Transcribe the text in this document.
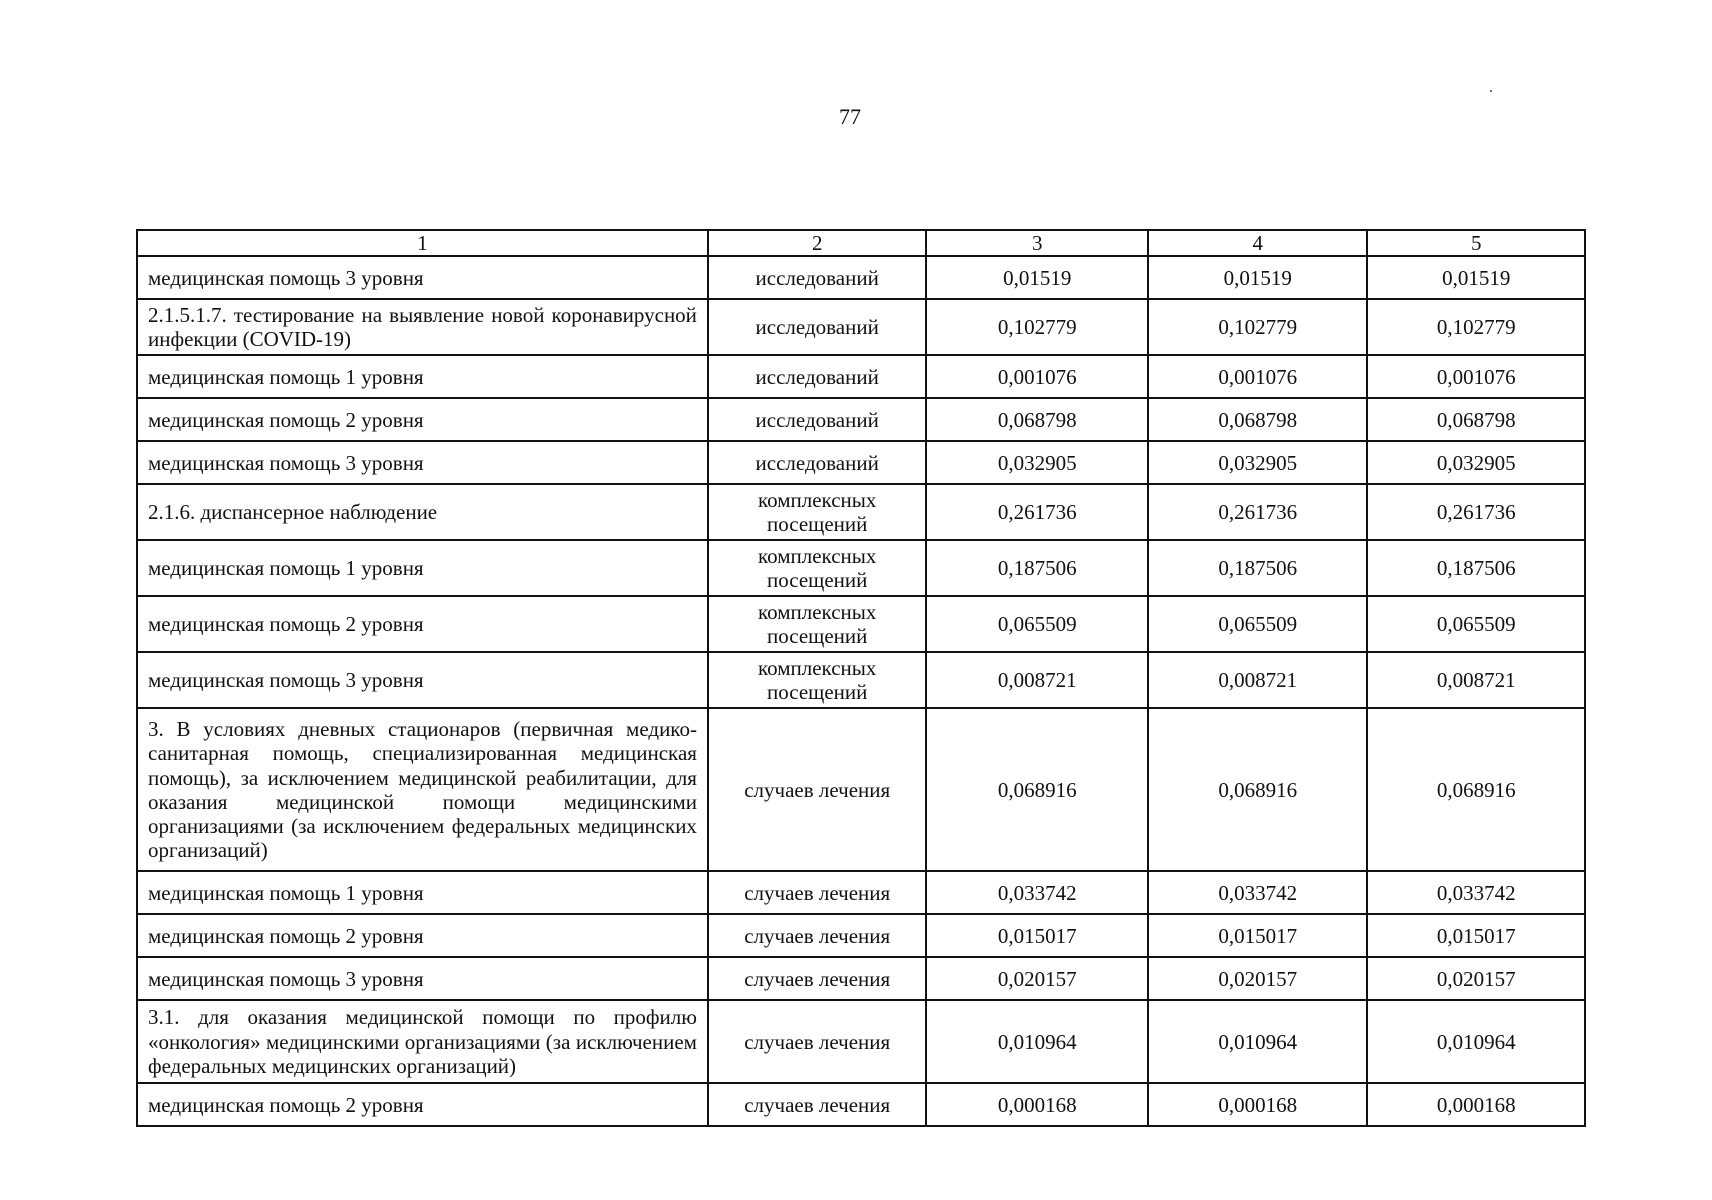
77
1	2	3	4	5
медицинская помощь 3 уровня	исследований	0,01519	0,01519	0,01519
2.1.5.1.7. тестирование на выявление новой коронавирусной инфекции (COVID-19)	исследований	0,102779	0,102779	0,102779
медицинская помощь 1 уровня	исследований	0,001076	0,001076	0,001076
медицинская помощь 2 уровня	исследований	0,068798	0,068798	0,068798
медицинская помощь 3 уровня	исследований	0,032905	0,032905	0,032905
2.1.6. диспансерное наблюдение	комплексных посещений	0,261736	0,261736	0,261736
медицинская помощь 1 уровня	комплексных посещений	0,187506	0,187506	0,187506
медицинская помощь 2 уровня	комплексных посещений	0,065509	0,065509	0,065509
медицинская помощь 3 уровня	комплексных посещений	0,008721	0,008721	0,008721
3. В условиях дневных стационаров (первичная медико-санитарная помощь, специализированная медицинская помощь), за исключением медицинской реабилитации, для оказания медицинской помощи медицинскими организациями (за исключением федеральных медицинских организаций)	случаев лечения	0,068916	0,068916	0,068916
медицинская помощь 1 уровня	случаев лечения	0,033742	0,033742	0,033742
медицинская помощь 2 уровня	случаев лечения	0,015017	0,015017	0,015017
медицинская помощь 3 уровня	случаев лечения	0,020157	0,020157	0,020157
3.1. для оказания медицинской помощи по профилю «онкология» медицинскими организациями (за исключением федеральных медицинских организаций)	случаев лечения	0,010964	0,010964	0,010964
медицинская помощь 2 уровня	случаев лечения	0,000168	0,000168	0,000168
